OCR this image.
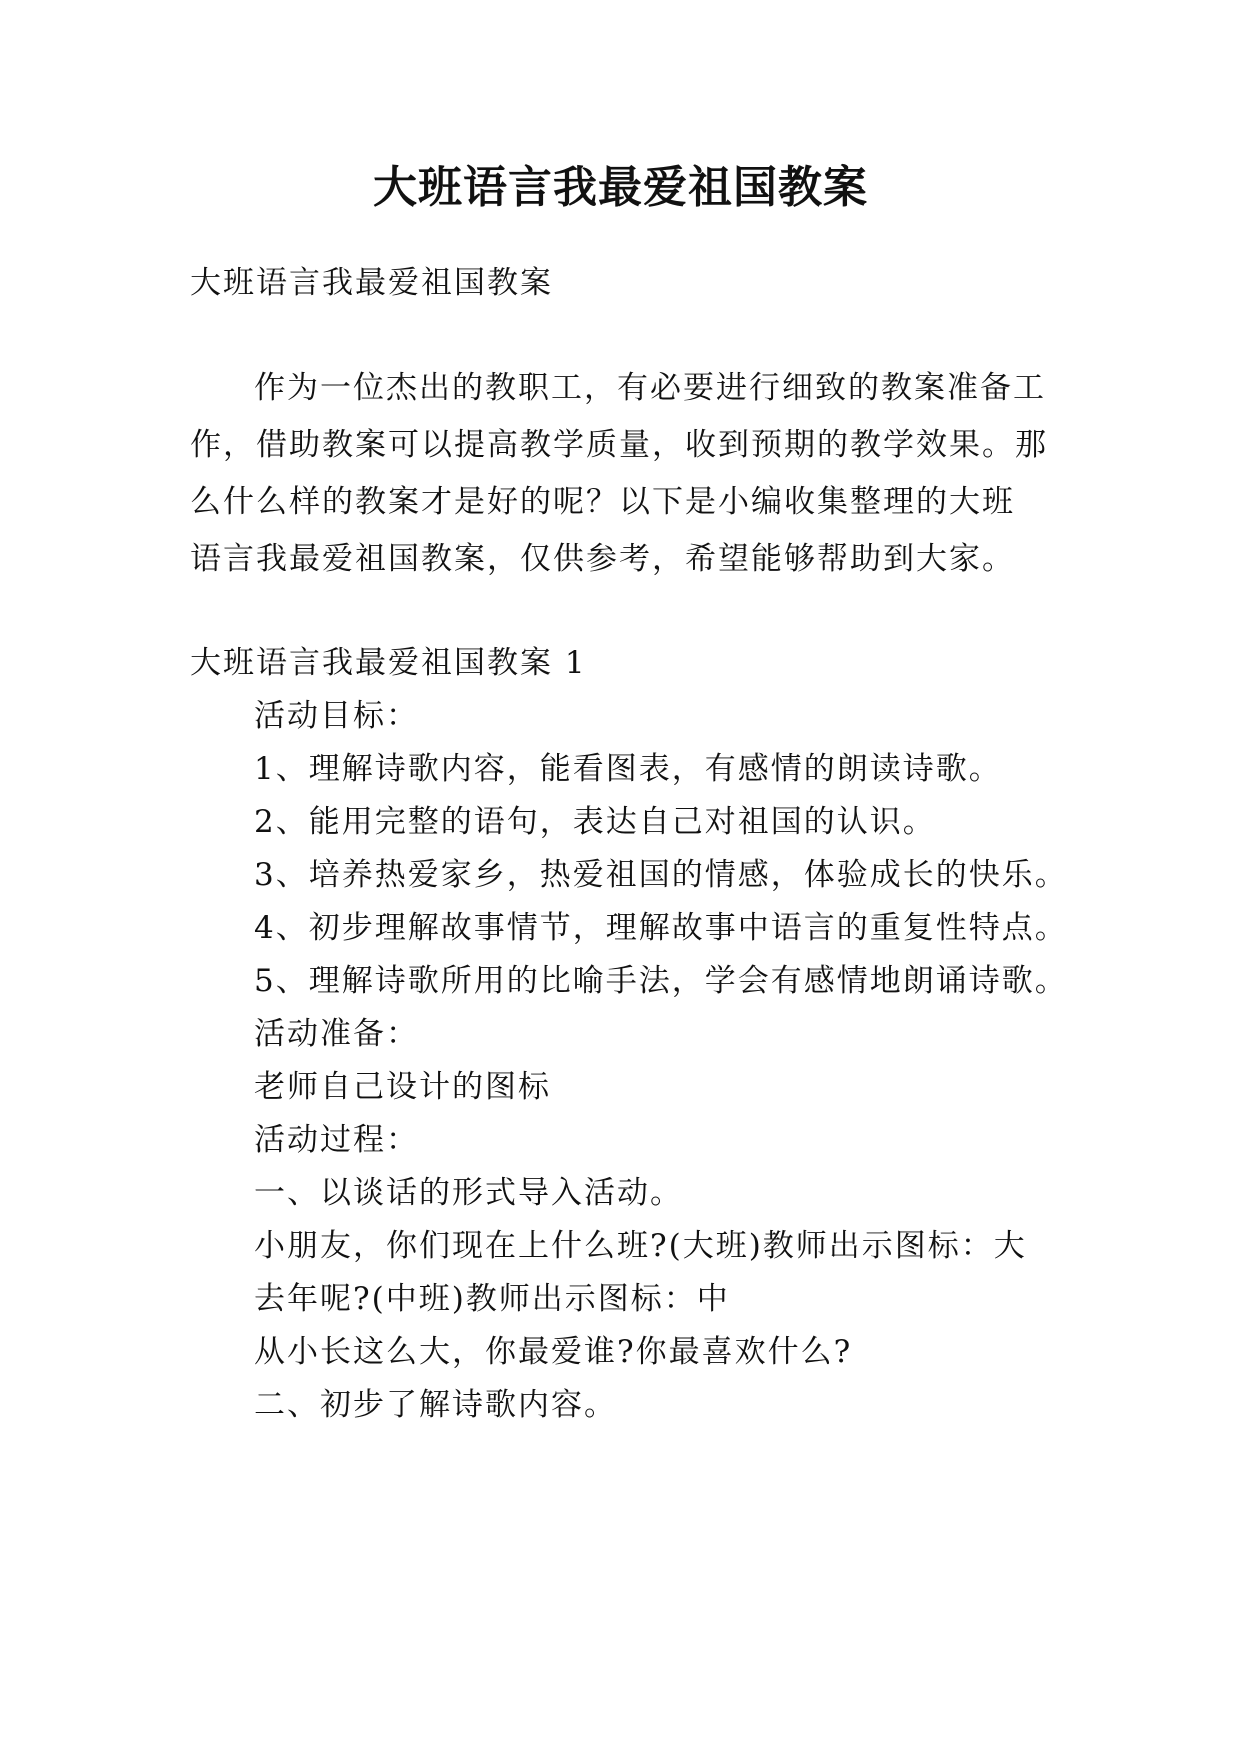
大班语言我最爱祖国教案
大班语言我最爱祖国教案
作为一位杰出的教职工，有必要进行细致的教案准备工
作，借助教案可以提高教学质量，收到预期的教学效果。那
么什么样的教案才是好的呢？以下是小编收集整理的大班
语言我最爱祖国教案，仅供参考，希望能够帮助到大家。
大班语言我最爱祖国教案 1
活动目标：
1、理解诗歌内容，能看图表，有感情的朗读诗歌。
2、能用完整的语句，表达自己对祖国的认识。
3、培养热爱家乡，热爱祖国的情感，体验成长的快乐。
4、初步理解故事情节，理解故事中语言的重复性特点。
5、理解诗歌所用的比喻手法，学会有感情地朗诵诗歌。
活动准备：
老师自己设计的图标
活动过程：
一、以谈话的形式导入活动。
小朋友，你们现在上什么班?(大班)教师出示图标：大
去年呢?(中班)教师出示图标：中
从小长这么大，你最爱谁?你最喜欢什么?
二、初步了解诗歌内容。
